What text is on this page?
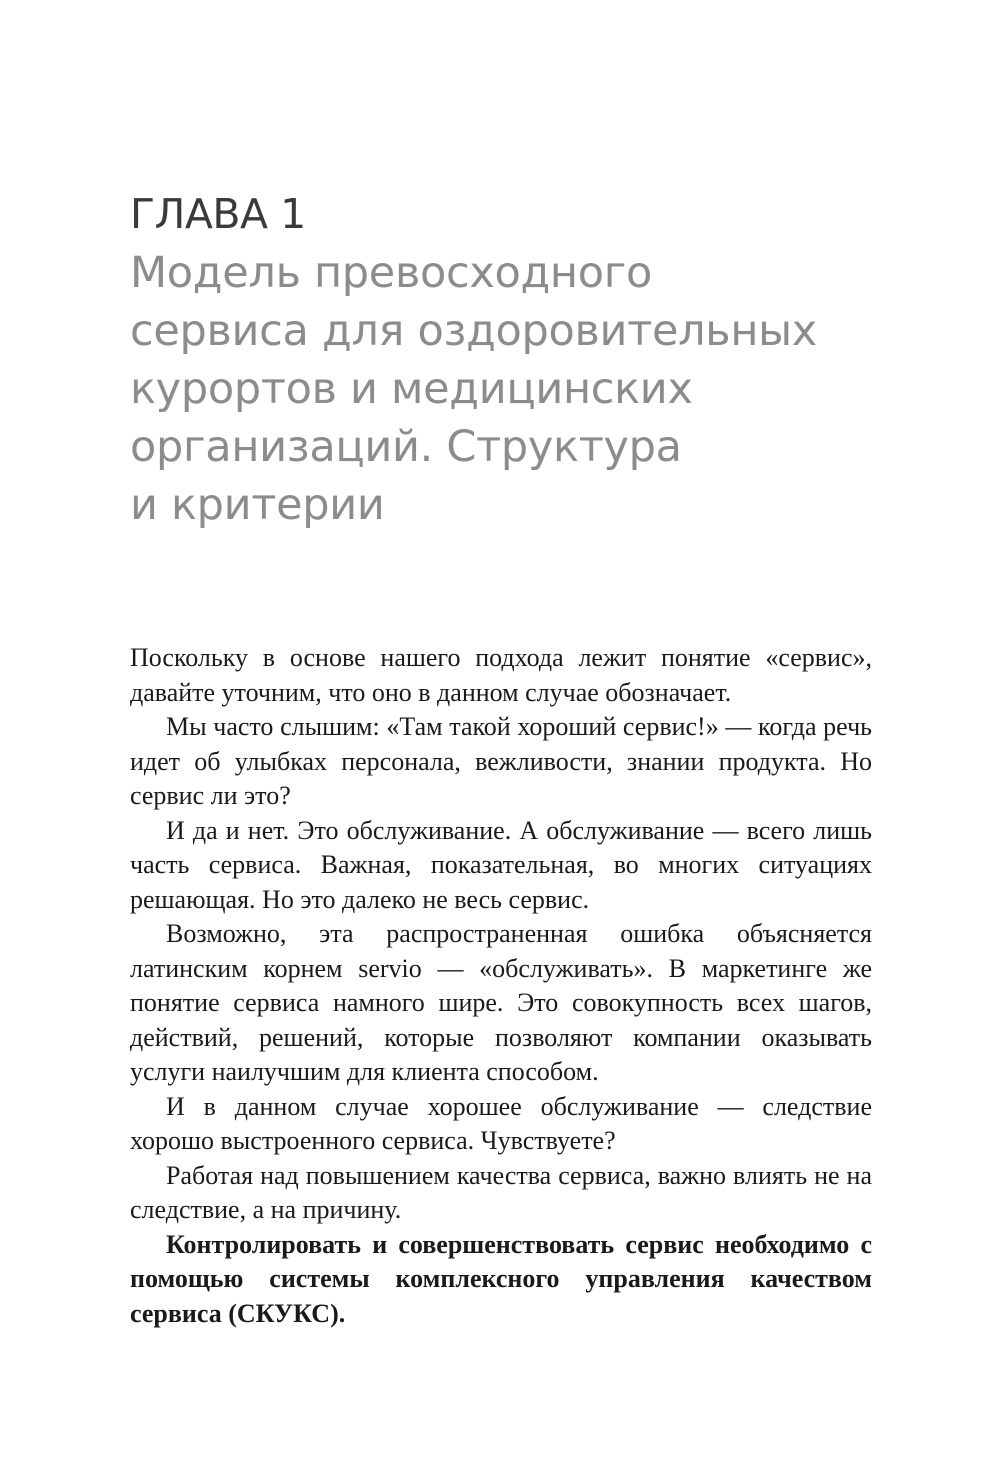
ГЛАВА 1
Модель превосходного
сервиса для оздоровительных
курортов и медицинских
организаций. Структура
и критерии

Поскольку в основе нашего подхода лежит понятие «сервис», давайте уточним, что оно в данном случае обозначает.

Мы часто слышим: «Там такой хороший сервис!» — когда речь идет об улыбках персонала, вежливости, знании продукта. Но сервис ли это?

И да и нет. Это обслуживание. А обслуживание — всего лишь часть сервиса. Важная, показательная, во многих ситуациях решающая. Но это далеко не весь сервис.

Возможно, эта распространенная ошибка объясняется латинским корнем servio — «обслуживать». В маркетинге же понятие сервиса намного шире. Это совокупность всех шагов, действий, решений, которые позволяют компании оказывать услуги наилучшим для клиента способом.

И в данном случае хорошее обслуживание — следствие хорошо выстроенного сервиса. Чувствуете?

Работая над повышением качества сервиса, важно влиять не на следствие, а на причину.

Контролировать и совершенствовать сервис необходимо с помощью системы комплексного управления качеством сервиса (СКУКС).
